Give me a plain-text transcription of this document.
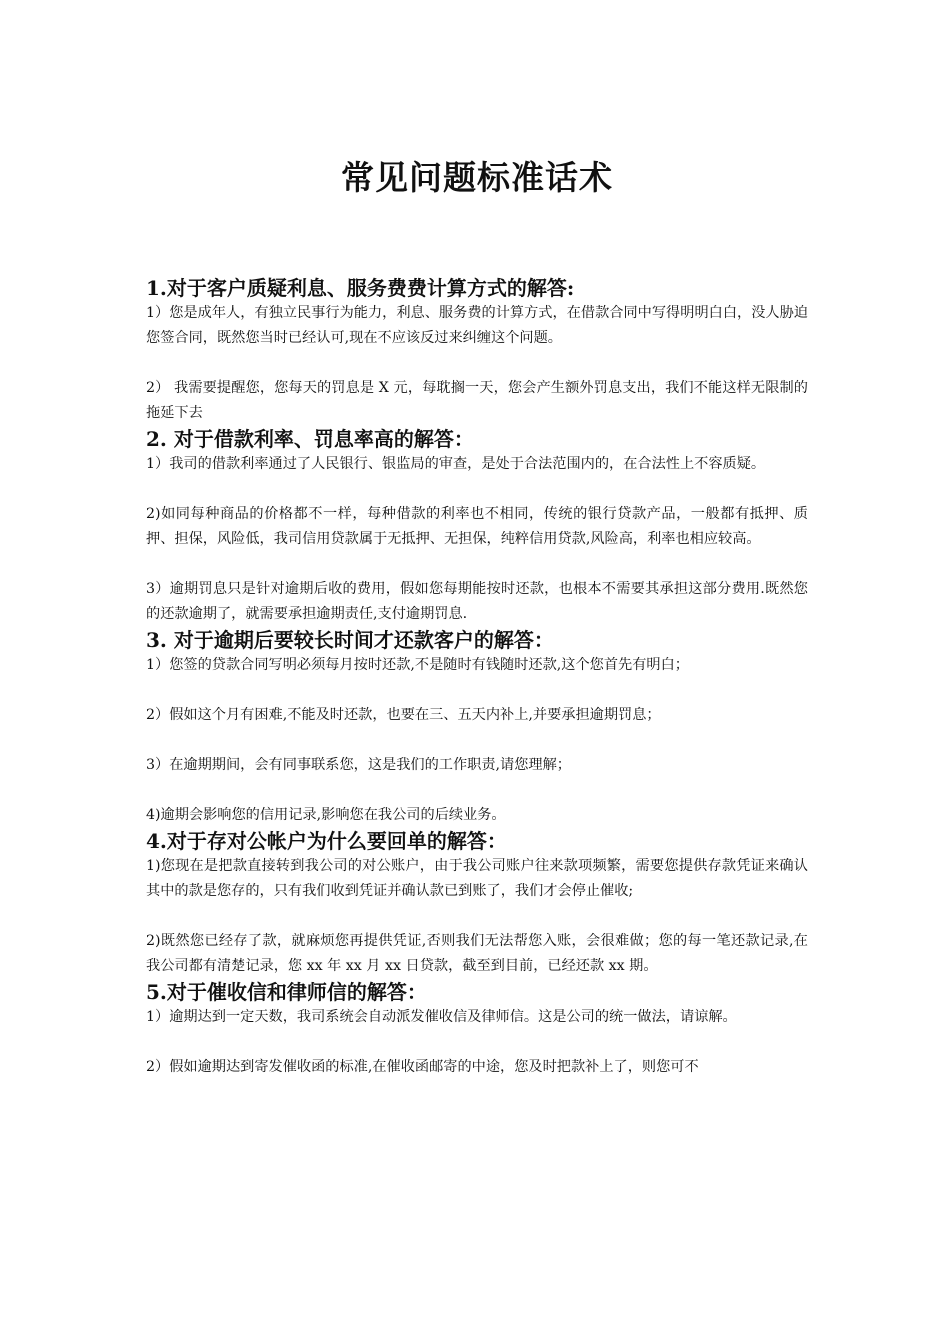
常见问题标准话术
1.对于客户质疑利息、服务费费计算方式的解答:

1）您是成年人，有独立民事行为能力，利息、服务费的计算方式，在借款合同中写得明明白白，没人胁迫您签合同，既然您当时已经认可,现在不应该反过来纠缠这个问题。

2） 我需要提醒您，您每天的罚息是 X 元，每耽搁一天，您会产生额外罚息支出，我们不能这样无限制的拖延下去

2. 对于借款利率、罚息率高的解答：

1）我司的借款利率通过了人民银行、银监局的审查，是处于合法范围内的，在合法性上不容质疑。

2)如同每种商品的价格都不一样，每种借款的利率也不相同，传统的银行贷款产品，一般都有抵押、质押、担保，风险低，我司信用贷款属于无抵押、无担保，纯粹信用贷款,风险高，利率也相应较高。

3）逾期罚息只是针对逾期后收的费用，假如您每期能按时还款，也根本不需要其承担这部分费用.既然您的还款逾期了，就需要承担逾期责任,支付逾期罚息.

3. 对于逾期后要较长时间才还款客户的解答：

1）您签的贷款合同写明必须每月按时还款,不是随时有钱随时还款,这个您首先有明白；

2）假如这个月有困难,不能及时还款，也要在三、五天内补上,并要承担逾期罚息；

3）在逾期期间，会有同事联系您，这是我们的工作职责,请您理解；

4)逾期会影响您的信用记录,影响您在我公司的后续业务。

4.对于存对公帐户为什么要回单的解答：

1)您现在是把款直接转到我公司的对公账户，由于我公司账户往来款项频繁，需要您提供存款凭证来确认其中的款是您存的，只有我们收到凭证并确认款已到账了，我们才会停止催收;

2)既然您已经存了款，就麻烦您再提供凭证,否则我们无法帮您入账，会很难做；您的每一笔还款记录,在我公司都有清楚记录，您 xx 年 xx 月 xx 日贷款，截至到目前，已经还款 xx 期。

5.对于催收信和律师信的解答：

1）逾期达到一定天数，我司系统会自动派发催收信及律师信。这是公司的统一做法，请谅解。

2）假如逾期达到寄发催收函的标准,在催收函邮寄的中途，您及时把款补上了，则您可不
